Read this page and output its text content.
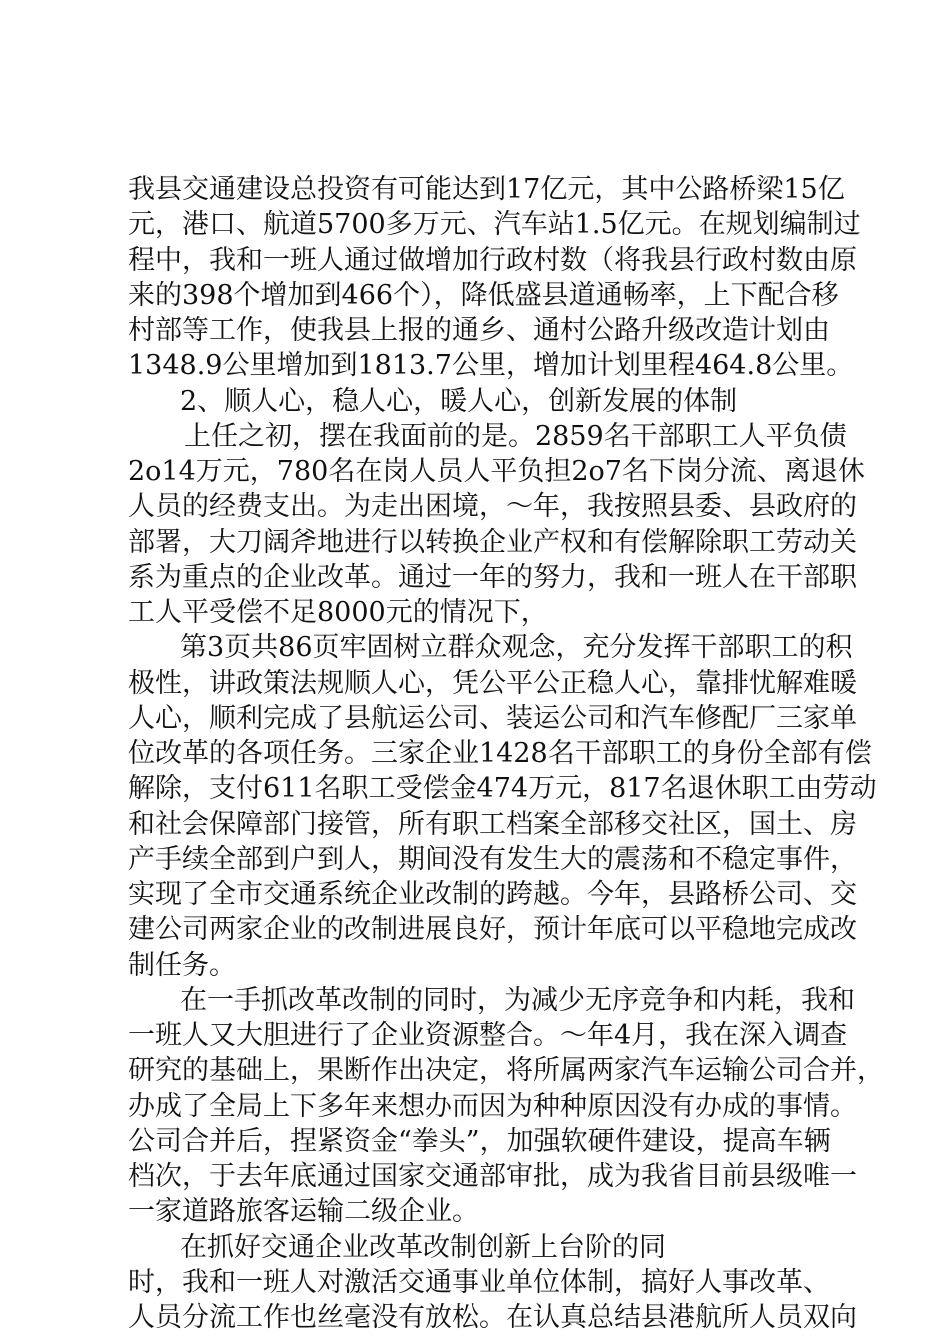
我县交通建设总投资有可能达到17亿元，其中公路桥梁15亿
元，港口、航道5700多万元、汽车站1.5亿元。在规划编制过
程中，我和一班人通过做增加行政村数（将我县行政村数由原
来的398个增加到466个），降低盛县道通畅率，上下配合移
村部等工作，使我县上报的通乡、通村公路升级改造计划由
1348.9公里增加到1813.7公里，增加计划里程464.8公里。
2、顺人心，稳人心，暖人心，创新发展的体制
上任之初，摆在我面前的是。2859名干部职工人平负债
2o14万元，780名在岗人员人平负担2o7名下岗分流、离退休
人员的经费支出。为走出困境，～年，我按照县委、县政府的
部署，大刀阔斧地进行以转换企业产权和有偿解除职工劳动关
系为重点的企业改革。通过一年的努力，我和一班人在干部职
工人平受偿不足8000元的情况下，
第3页共86页牢固树立群众观念，充分发挥干部职工的积
极性，讲政策法规顺人心，凭公平公正稳人心，靠排忧解难暖
人心，顺利完成了县航运公司、装运公司和汽车修配厂三家单
位改革的各项任务。三家企业1428名干部职工的身份全部有偿
解除，支付611名职工受偿金474万元，817名退休职工由劳动
和社会保障部门接管，所有职工档案全部移交社区，国土、房
产手续全部到户到人，期间没有发生大的震荡和不稳定事件，
实现了全市交通系统企业改制的跨越。今年，县路桥公司、交
建公司两家企业的改制进展良好，预计年底可以平稳地完成改
制任务。
在一手抓改革改制的同时，为减少无序竞争和内耗，我和
一班人又大胆进行了企业资源整合。～年4月，我在深入调查
研究的基础上，果断作出决定，将所属两家汽车运输公司合并，
办成了全局上下多年来想办而因为种种原因没有办成的事情。
公司合并后，捏紧资金“拳头”，加强软硬件建设，提高车辆
档次，于去年底通过国家交通部审批，成为我省目前县级唯一
一家道路旅客运输二级企业。
在抓好交通企业改革改制创新上台阶的同
时，我和一班人对激活交通事业单位体制，搞好人事改革、
人员分流工作也丝毫没有放松。在认真总结县港航所人员双向
